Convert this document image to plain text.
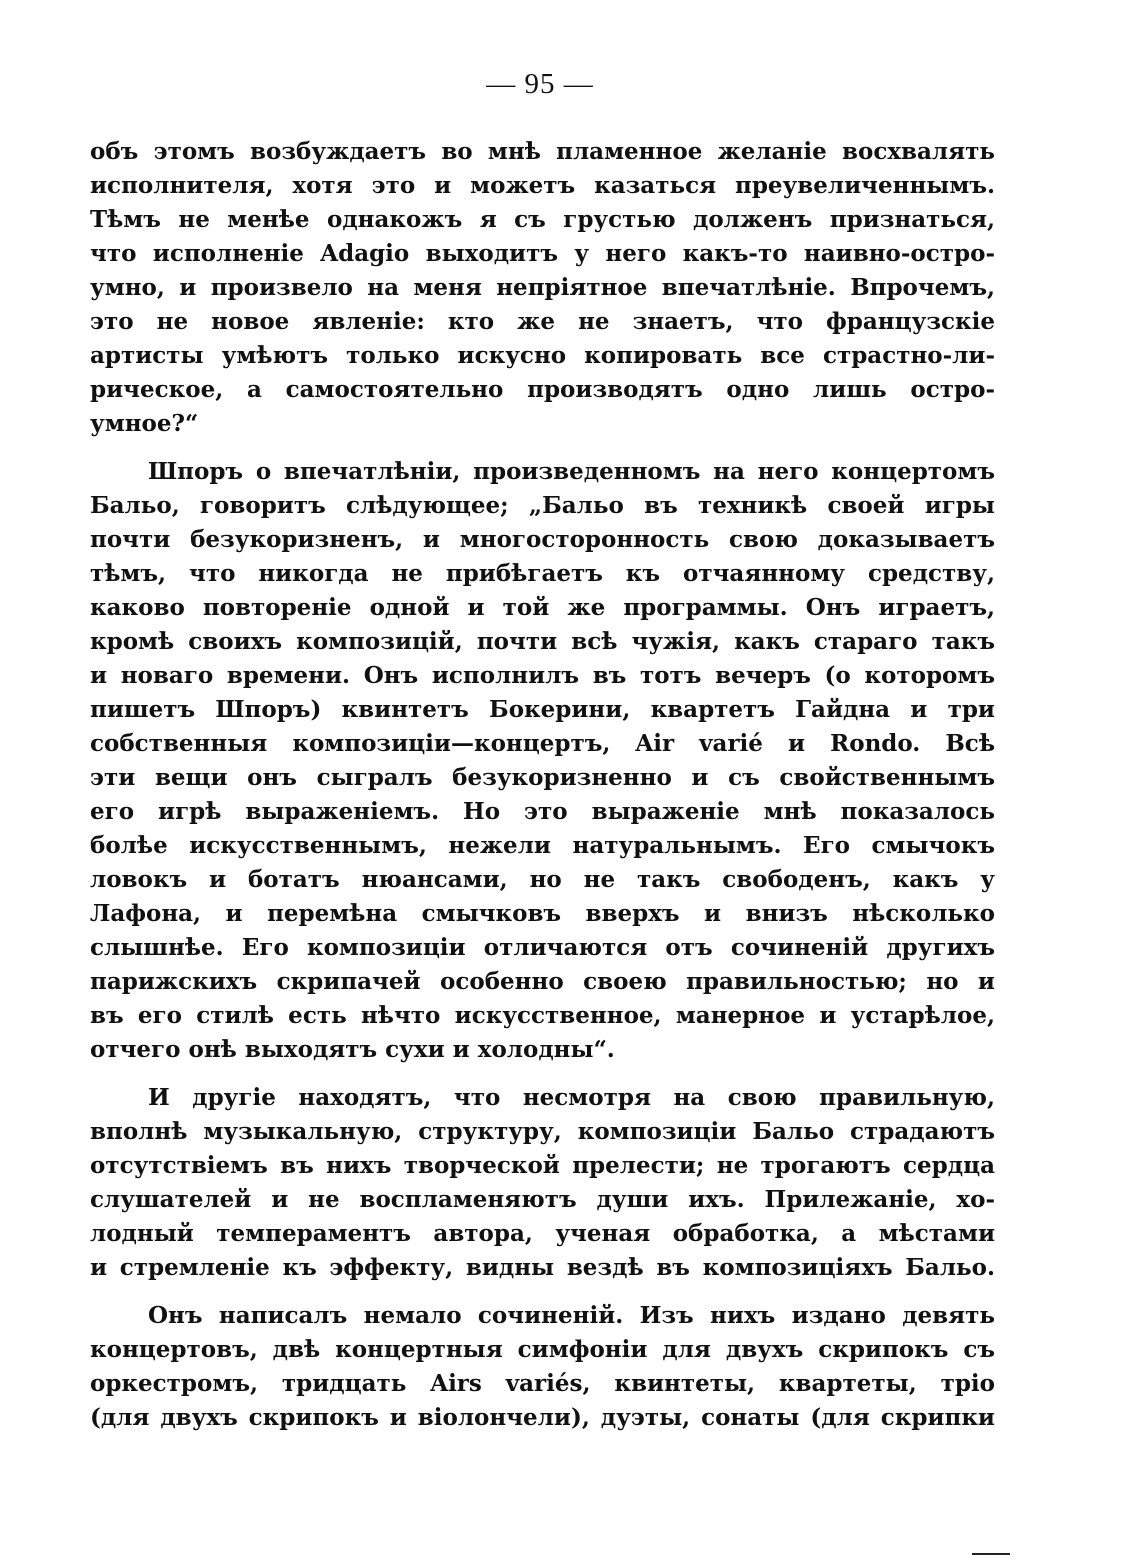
— 95 —
объ этомъ возбуждаетъ во мнѣ пламенное желаніе восхвалять
исполнителя, хотя это и можетъ казаться преувеличеннымъ.
Тѣмъ не менѣе однакожъ я съ грустью долженъ признаться,
что исполненіе Adagio выходитъ у него какъ-то наивно-остро-
умно, и произвело на меня непріятное впечатлѣніе. Впрочемъ,
это не новое явленіе: кто же не знаетъ, что французскіе
артисты умѣютъ только искусно копировать все страстно-ли-
рическое, а самостоятельно производятъ одно лишь остро-
умное?“
Шпоръ о впечатлѣніи, произведенномъ на него концертомъ
Бальо, говоритъ слѣдующее; „Бальо въ техникѣ своей игры
почти безукоризненъ, и многосторонность свою доказываетъ
тѣмъ, что никогда не прибѣгаетъ къ отчаянному средству,
каково повтореніе одной и той же программы. Онъ играетъ,
кромѣ своихъ композицій, почти всѣ чужія, какъ стараго такъ
и новаго времени. Онъ исполнилъ въ тотъ вечеръ (о которомъ
пишетъ Шпоръ) квинтетъ Бокерини, квартетъ Гайдна и три
собственныя композиціи—концертъ, Air varié и Rondo. Всѣ
эти вещи онъ сыгралъ безукоризненно и съ свойственнымъ
его игрѣ выраженіемъ. Но это выраженіе мнѣ показалось
болѣе искусственнымъ, нежели натуральнымъ. Его смычокъ
ловокъ и ботатъ нюансами, но не такъ свободенъ, какъ у
Лафона, и перемѣна смычковъ вверхъ и внизъ нѣсколько
слышнѣе. Его композиціи отличаются отъ сочиненій другихъ
парижскихъ скрипачей особенно своею правильностью; но и
въ его стилѣ есть нѣчто искусственное, манерное и устарѣлое,
отчего онѣ выходятъ сухи и холодны“.
И другіе находятъ, что несмотря на свою правильную,
вполнѣ музыкальную, структуру, композиціи Бальо страдаютъ
отсутствіемъ въ нихъ творческой прелести; не трогаютъ сердца
слушателей и не воспламеняютъ души ихъ. Прилежаніе, хо-
лодный темпераментъ автора, ученая обработка, а мѣстами
и стремленіе къ эффекту, видны вездѣ въ композиціяхъ Бальо.
Онъ написалъ немало сочиненій. Изъ нихъ издано девять
концертовъ, двѣ концертныя симфоніи для двухъ скрипокъ съ
оркестромъ, тридцать Airs variés, квинтеты, квартеты, тріо
(для двухъ скрипокъ и віолончели), дуэты, сонаты (для скрипки
